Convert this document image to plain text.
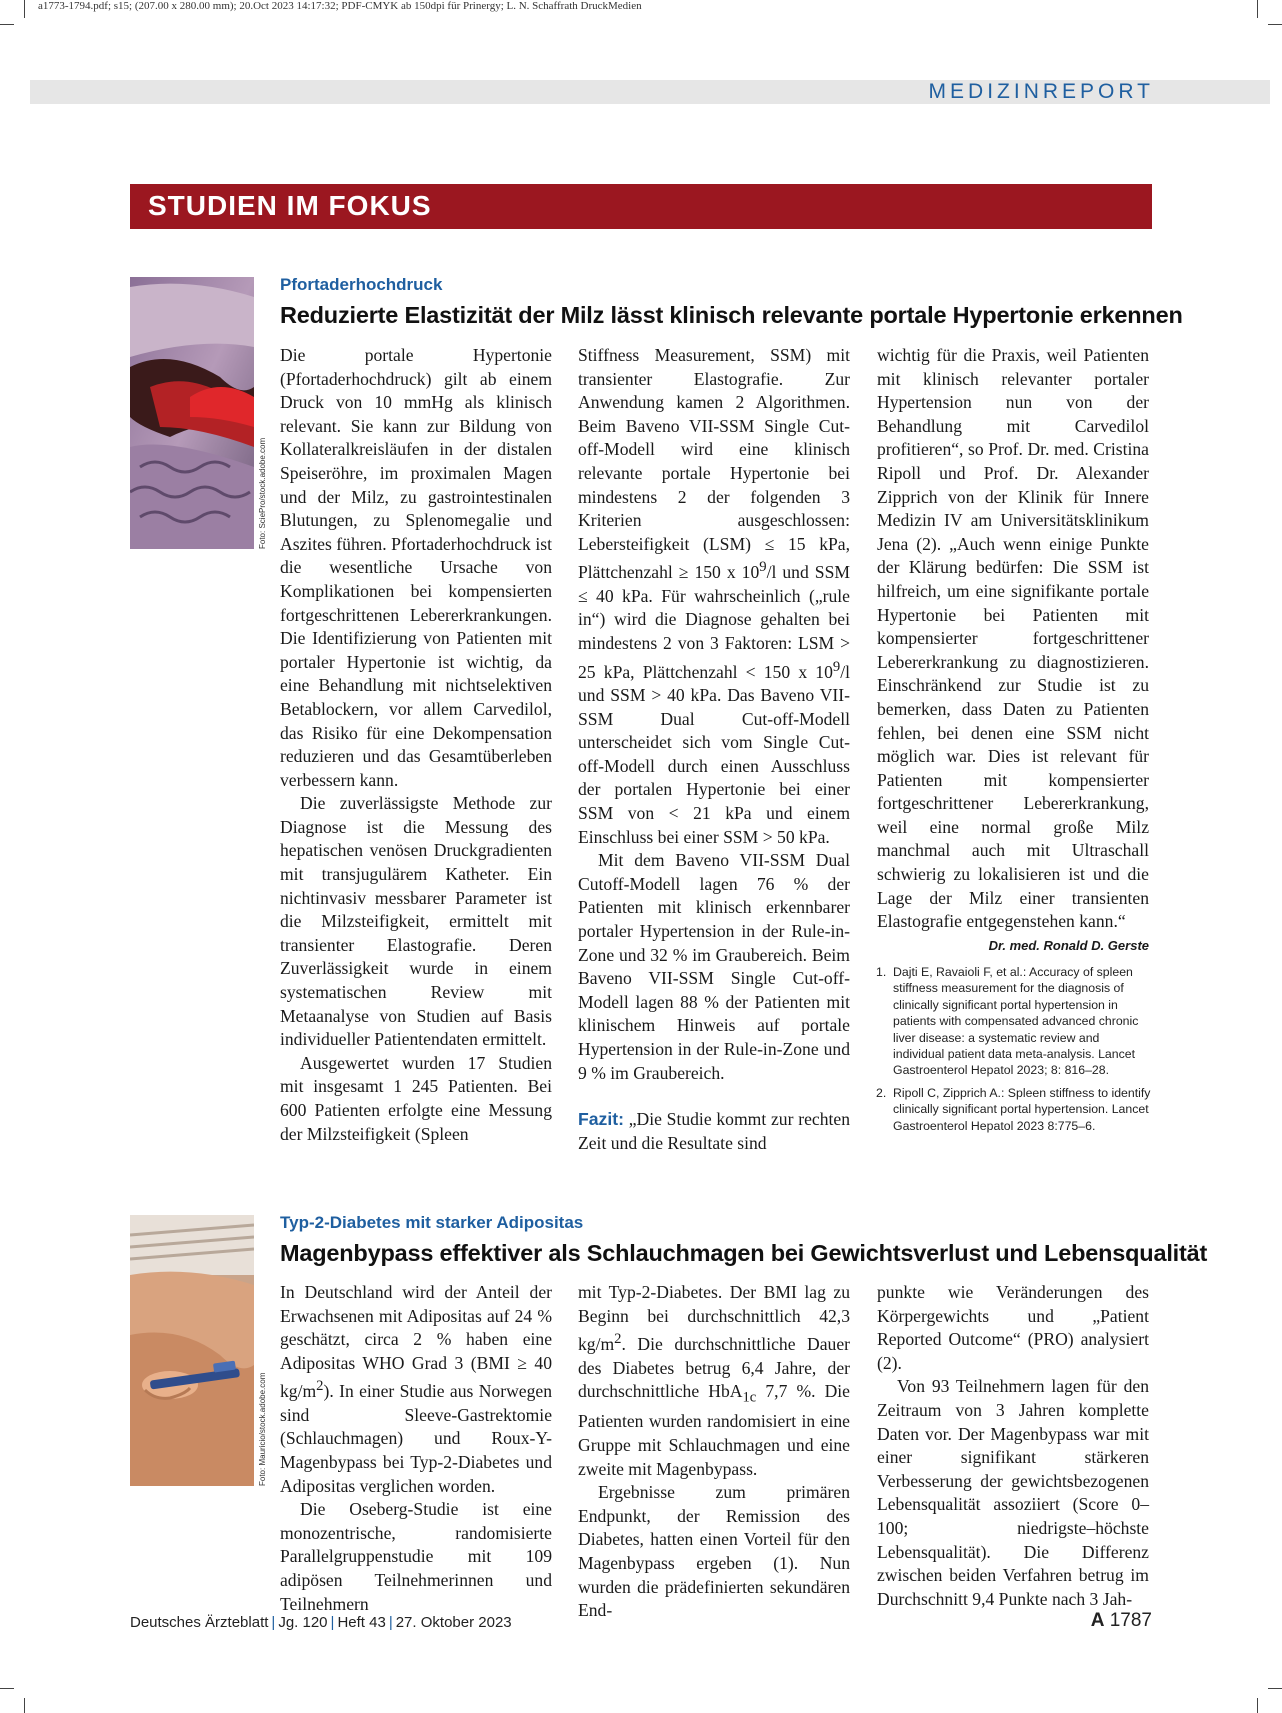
a1773-1794.pdf; s15; (207.00 x 280.00 mm); 20.Oct 2023 14:17:32; PDF-CMYK ab 150dpi für Prinergy; L. N. Schaffrath DruckMedien
MEDIZINREPORT
STUDIEN IM FOKUS
Foto: SciePro/stock.adobe.com
Pfortaderhochdruck
Reduzierte Elastizität der Milz lässt klinisch relevante portale Hypertonie erkennen

Die portale Hypertonie (Pfortaderhochdruck) gilt ab einem Druck von 10 mmHg als klinisch relevant. Sie kann zur Bildung von Kollateralkreisläufen in der distalen Speiseröhre, im proximalen Magen und der Milz, zu gastrointestinalen Blutungen, zu Splenomegalie und Aszites führen. Pfortaderhochdruck ist die wesentliche Ursache von Komplikationen bei kompensierten fortgeschrittenen Lebererkrankungen. Die Identifizierung von Patienten mit portaler Hypertonie ist wichtig, da eine Behandlung mit nichtselektiven Betablockern, vor allem Carvedilol, das Risiko für eine Dekompensation reduzieren und das Gesamtüberleben verbessern kann.

Die zuverlässigste Methode zur Diagnose ist die Messung des hepatischen venösen Druckgradienten mit transjugulärem Katheter. Ein nichtinvasiv messbarer Parameter ist die Milzsteifigkeit, ermittelt mit transienter Elastografie. Deren Zuverlässigkeit wurde in einem systematischen Review mit Metaanalyse von Studien auf Basis individueller Patientendaten ermittelt.

Ausgewertet wurden 17 Studien mit insgesamt 1 245 Patienten. Bei 600 Patienten erfolgte eine Messung der Milzsteifigkeit (Spleen

Stiffness Measurement, SSM) mit transienter Elastografie. Zur Anwendung kamen 2 Algorithmen. Beim Baveno VII-SSM Single Cut-off-Modell wird eine klinisch relevante portale Hypertonie bei mindestens 2 der folgenden 3 Kriterien ausgeschlossen: Lebersteifigkeit (LSM) ≤ 15 kPa, Plättchenzahl ≥ 150 x $10^9/l$ und SSM ≤ 40 kPa. Für wahrscheinlich („rule in“) wird die Diagnose gehalten bei mindestens 2 von 3 Faktoren: LSM > 25 kPa, Plättchenzahl < 150 x $10^9/l$ und SSM > 40 kPa. Das Baveno VII-SSM Dual Cut-off-Modell unterscheidet sich vom Single Cut-off-Modell durch einen Ausschluss der portalen Hypertonie bei einer SSM von < 21 kPa und einem Einschluss bei einer SSM > 50 kPa.

Mit dem Baveno VII-SSM Dual Cutoff-Modell lagen 76 % der Patienten mit klinisch erkennbarer portaler Hypertension in der Rule-in-Zone und 32 % im Graubereich. Beim Baveno VII-SSM Single Cut-off-Modell lagen 88 % der Patienten mit klinischem Hinweis auf portale Hypertension in der Rule-in-Zone und 9 % im Graubereich.

Fazit: „Die Studie kommt zur rechten Zeit und die Resultate sind

wichtig für die Praxis, weil Patienten mit klinisch relevanter portaler Hypertension nun von der Behandlung mit Carvedilol profitieren“, so Prof. Dr. med. Cristina Ripoll und Prof. Dr. Alexander Zipprich von der Klinik für Innere Medizin IV am Universitätsklinikum Jena (2). „Auch wenn einige Punkte der Klärung bedürfen: Die SSM ist hilfreich, um eine signifikante portale Hypertonie bei Patienten mit kompensierter fortgeschrittener Lebererkrankung zu diagnostizieren. Einschränkend zur Studie ist zu bemerken, dass Daten zu Patienten fehlen, bei denen eine SSM nicht möglich war. Dies ist relevant für Patienten mit kompensierter fortgeschrittener Lebererkrankung, weil eine normal große Milz manchmal auch mit Ultraschall schwierig zu lokalisieren ist und die Lage der Milz einer transienten Elastografie entgegenstehen kann.“
Dr. med. Ronald D. Gerste

1. Dajti E, Ravaioli F, et al.: Accuracy of spleen stiffness measurement for the diagnosis of clinically significant portal hypertension in patients with compensated advanced chronic liver disease: a systematic review and individual patient data meta-analysis. Lancet Gastroenterol Hepatol 2023; 8: 816–28.
2. Ripoll C, Zipprich A.: Spleen stiffness to identify clinically significant portal hypertension. Lancet Gastroenterol Hepatol 2023 8:775–6.
Foto: Mauricio/stock.adobe.com
Typ-2-Diabetes mit starker Adipositas
Magenbypass effektiver als Schlauchmagen bei Gewichtsverlust und Lebensqualität

In Deutschland wird der Anteil der Erwachsenen mit Adipositas auf 24 % geschätzt, circa 2 % haben eine Adipositas WHO Grad 3 (BMI ≥ 40 $kg/m^2$). In einer Studie aus Norwegen sind Sleeve-Gastrektomie (Schlauchmagen) und Roux-Y-Magenbypass bei Typ-2-Diabetes und Adipositas verglichen worden.

Die Oseberg-Studie ist eine monozentrische, randomisierte Parallelgruppenstudie mit 109 adipösen Teilnehmerinnen und Teilnehmern

mit Typ-2-Diabetes. Der BMI lag zu Beginn bei durchschnittlich 42,3 $kg/m^2$. Die durchschnittliche Dauer des Diabetes betrug 6,4 Jahre, der durchschnittliche HbA$_{1c}$ 7,7 %. Die Patienten wurden randomisiert in eine Gruppe mit Schlauchmagen und eine zweite mit Magenbypass.

Ergebnisse zum primären Endpunkt, der Remission des Diabetes, hatten einen Vorteil für den Magenbypass ergeben (1). Nun wurden die prädefinierten sekundären End-

punkte wie Veränderungen des Körpergewichts und „Patient Reported Outcome“ (PRO) analysiert (2).

Von 93 Teilnehmern lagen für den Zeitraum von 3 Jahren komplette Daten vor. Der Magenbypass war mit einer signifikant stärkeren Verbesserung der gewichtsbezogenen Lebensqualität assoziiert (Score 0–100; niedrigste–höchste Lebensqualität). Die Differenz zwischen beiden Verfahren betrug im Durchschnitt 9,4 Punkte nach 3 Jah-

Deutsches Ärzteblatt | Jg. 120 | Heft 43 | 27. Oktober 2023	A 1787
